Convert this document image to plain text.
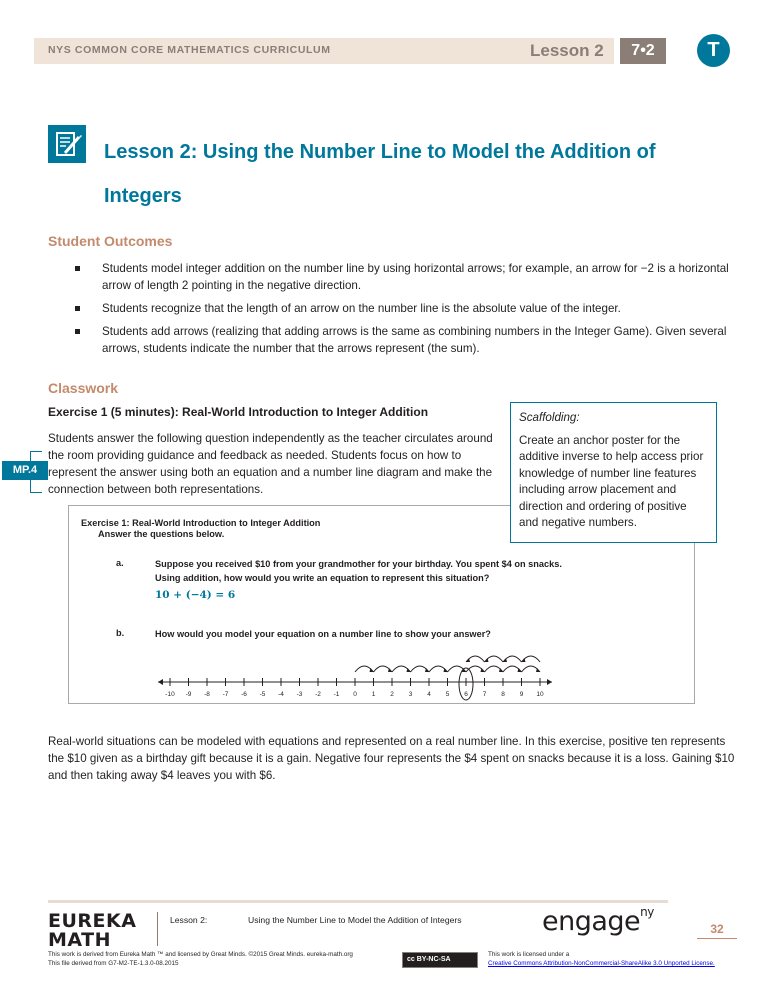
NYS COMMON CORE MATHEMATICS CURRICULUM	Lesson 2	7•2	T
Lesson 2: Using the Number Line to Model the Addition of Integers
Student Outcomes
Students model integer addition on the number line by using horizontal arrows; for example, an arrow for −2 is a horizontal arrow of length 2 pointing in the negative direction.
Students recognize that the length of an arrow on the number line is the absolute value of the integer.
Students add arrows (realizing that adding arrows is the same as combining numbers in the Integer Game). Given several arrows, students indicate the number that the arrows represent (the sum).
Classwork
Exercise 1 (5 minutes): Real-World Introduction to Integer Addition
Students answer the following question independently as the teacher circulates around the room providing guidance and feedback as needed. Students focus on how to represent the answer using both an equation and a number line diagram and make the connection between both representations.
MP.4
Exercise 1: Real-World Introduction to Integer Addition
Answer the questions below.
a.	Suppose you received $10 from your grandmother for your birthday. You spent $4 on snacks. Using addition, how would you write an equation to represent this situation?
10 + (−4) = 6
b.	How would you model your equation on a number line to show your answer?
-10 -9 -8 -7 -6 -5 -4 -3 -2 -1 0 1 2 3 4 5 6 7 8 9 10
Scaffolding:
Create an anchor poster for the additive inverse to help access prior knowledge of number line features including arrow placement and direction and ordering of positive and negative numbers.
Real-world situations can be modeled with equations and represented on a real number line. In this exercise, positive ten represents the $10 given as a birthday gift because it is a gain. Negative four represents the $4 spent on snacks because it is a loss. Gaining $10 and then taking away $4 leaves you with $6.
EUREKA MATH
Lesson 2:	Using the Number Line to Model the Addition of Integers	engage$^{ny}$
32
This work is derived from Eureka Math ™ and licensed by Great Minds. ©2015 Great Minds. eureka-math.org
This file derived from G7-M2-TE-1.3.0-08.2015
cc BY-NC-SA
This work is licensed under a
Creative Commons Attribution-NonCommercial-ShareAlike 3.0 Unported License.
